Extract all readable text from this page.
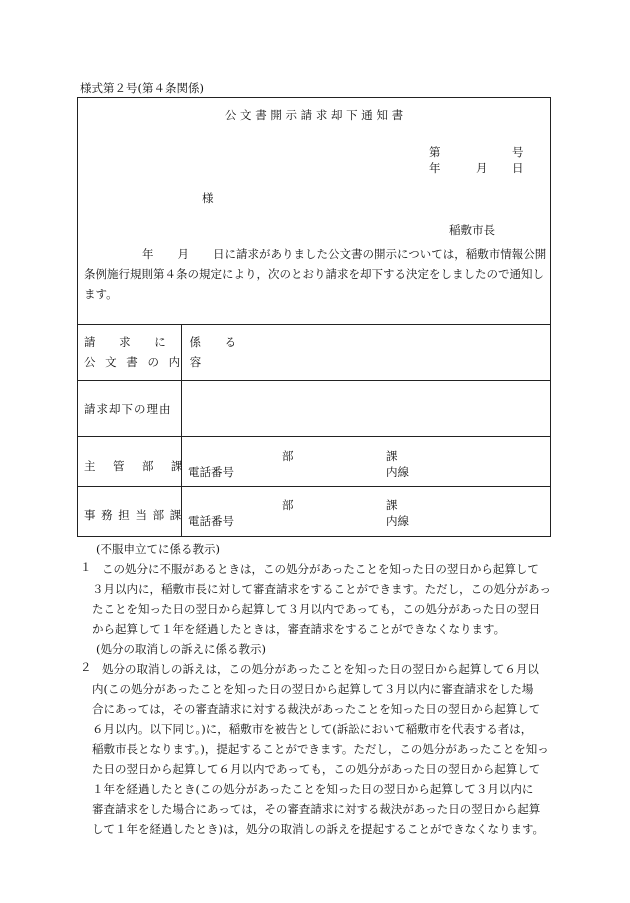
様式第２号(第４条関係)
公 文 書 開 示 請 求 却 下 通 知 書
第	号
年	月 日
様
稲敷市長
年 月 日に請求がありました公文書の開示については，稲敷市情報公開条例施行規則第４条の規定により，次のとおり請求を却下する決定をしましたので通知します。
請 求 に 係 る
公 文 書 の 内 容
請求却下の理由
主　管　部　課
部	課
電話番号	内線
事 務 担 当 部 課
部	課
電話番号	内線
(不服申立てに係る教示)
１ この処分に不服があるときは，この処分があったことを知った日の翌日から起算して
３月以内に，稲敷市長に対して審査請求をすることができます。ただし，この処分があっ
たことを知った日の翌日から起算して３月以内であっても，この処分があった日の翌日
から起算して１年を経過したときは，審査請求をすることができなくなります。
(処分の取消しの訴えに係る教示)
２ 処分の取消しの訴えは，この処分があったことを知った日の翌日から起算して６月以
内(この処分があったことを知った日の翌日から起算して３月以内に審査請求をした場
合にあっては，その審査請求に対する裁決があったことを知った日の翌日から起算して
６月以内。以下同じ。)に，稲敷市を被告として(訴訟において稲敷市を代表する者は，
稲敷市長となります。)，提起することができます。ただし，この処分があったことを知っ
た日の翌日から起算して６月以内であっても，この処分があった日の翌日から起算して
１年を経過したとき(この処分があったことを知った日の翌日から起算して３月以内に
審査請求をした場合にあっては，その審査請求に対する裁決があった日の翌日から起算
して１年を経過したとき)は，処分の取消しの訴えを提起することができなくなります。
